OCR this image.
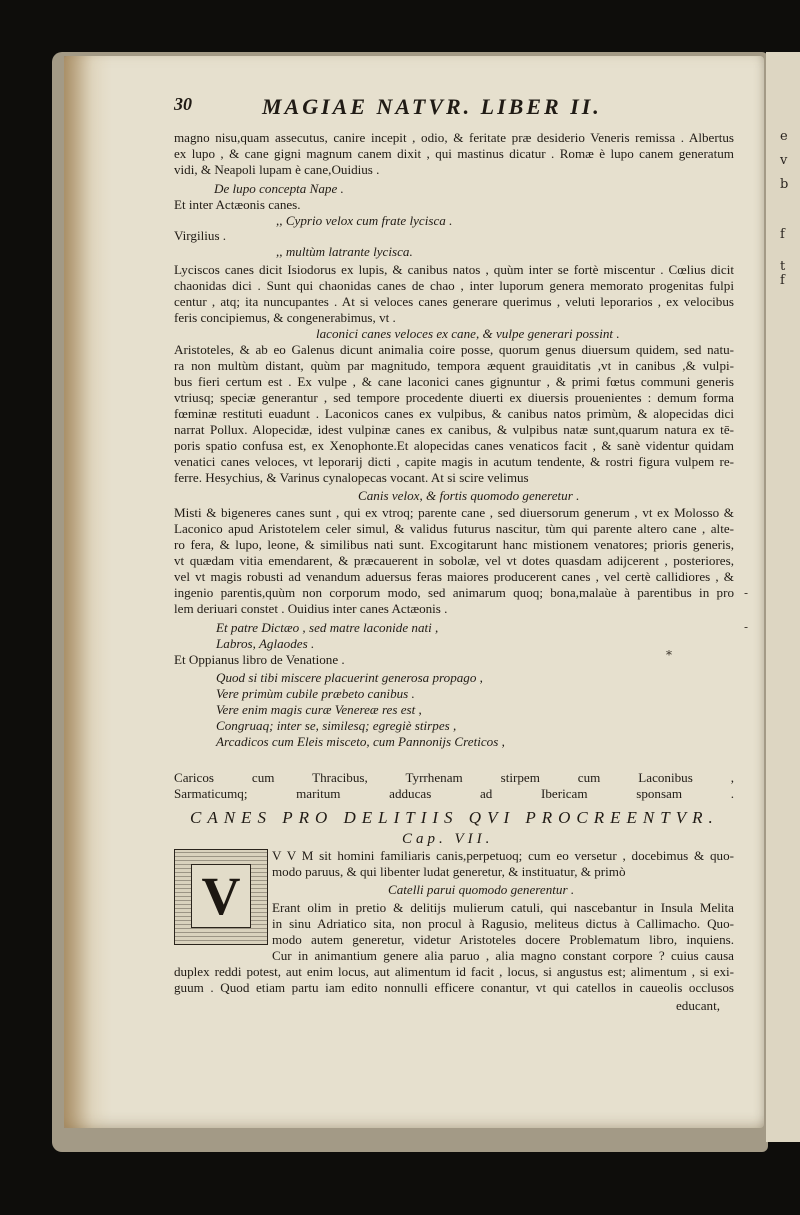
e
v
b
f
t
f
30	MAGIAE NATVR. LIBER II.
magno nisu,quam assecutus, canire incepit , odio, & feritate præ desiderio Veneris remissa . Albertus
ex lupo , & cane gigni magnum canem dixit , qui mastinus dicatur . Romæ è lupo canem generatum
vidi, & Neapoli lupam è cane,Ouidius .
De lupo concepta Nape .
Et inter Actæonis canes.
,, Cyprio velox cum frate lycisca .
Virgilius .
,, multùm latrante lycisca.
Lyciscos canes dicit Isiodorus ex lupis, & canibus natos , quùm inter se fortè miscentur . Cœlius dicit
chaonidas dici . Sunt qui chaonidas canes de chao , inter luporum genera memorato progenitas fulpi
centur , atq; ita nuncupantes . At si veloces canes generare querimus , veluti leporarios , ex velocibus
feris concipiemus, & congenerabimus, vt .
laconici canes veloces ex cane, & vulpe generari possint .
Aristoteles, & ab eo Galenus dicunt animalia coire posse, quorum genus diuersum quidem, sed natu-
ra non multùm distant, quùm par magnitudo, tempora æquent grauiditatis ,vt in canibus ,& vulpi-
bus fieri certum est . Ex vulpe , & cane laconici canes gignuntur , & primi fœtus communi generis
vtriusq; speciæ generantur , sed tempore procedente diuerti ex diuersis prouenientes : demum forma
fœminæ restituti euadunt . Laconicos canes ex vulpibus, & canibus natos primùm, & alopecidas dici
narrat Pollux. Alopecidæ, idest vulpinæ canes ex canibus, & vulpibus natæ sunt,quarum natura ex tē-
poris spatio confusa est, ex Xenophonte.Et alopecidas canes venaticos facit , & sanè videntur quidam
venatici canes veloces, vt leporarij dicti , capite magis in acutum tendente, & rostri figura vulpem re-
ferre. Hesychius, & Varinus cynalopecas vocant. At si scire velimus
Canis velox, & fortis quomodo generetur .
Misti & bigeneres canes sunt , qui ex vtroq; parente cane , sed diuersorum generum , vt ex Molosso &
Laconico apud Aristotelem celer simul, & validus futurus nascitur, tùm qui parente altero cane , alte-
ro fera, & lupo, leone, & similibus nati sunt. Excogitarunt hanc mistionem venatores; prioris generis,
vt quædam vitia emendarent, & præcauerent in sobolæ, vel vt dotes quasdam adijcerent , posteriores,
vel vt magis robusti ad venandum aduersus feras maiores producerent canes , vel certè callidiores , &
ingenio parentis,quùm non corporum modo, sed animarum quoq; bona,malaùe à parentibus in pro
lem deriuari constet . Ouidius inter canes Actæonis .
Et patre Dictæo , sed matre laconide nati ,
Labros, Aglaodes .
Et Oppianus libro de Venatione .
Quod si tibi miscere placuerint generosa propago ,
Vere primùm cubile præbeto canibus .
Vere enim magis curæ Venereæ res est ,
Congruaq; inter se, similesq; egregiè stirpes ,
Arcadicos cum Eleis misceto, cum Pannonijs Creticos ,
Caricos cum Thracibus, Tyrrhenam stirpem cum Laconibus ,
Sarmaticumq; maritum adducas ad Ibericam sponsam .
CANES PRO DELITIIS QVI PROCREENTVR.
Cap. VII.
V
V V M sit homini familiaris canis,perpetuoq; cum eo versetur , docebimus & quo-
modo paruus, & qui libenter ludat generetur, & instituatur, & primò
Catelli parui quomodo generentur .
Erant olim in pretio & delitijs mulierum catuli, qui nascebantur in Insula Melita
in sinu Adriatico sita, non procul à Ragusio, meliteus dictus à Callimacho. Quo-
modo autem generetur, videtur Aristoteles docere Problematum libro, inquiens.
Cur in animantium genere alia paruo , alia magno constant corpore ? cuius causa
duplex reddi potest, aut enim locus, aut alimentum id facit , locus, si angustus est; alimentum , si exi-
guum . Quod etiam partu iam edito nonnulli efficere conantur, vt qui catellos in caueolis occlusos
educant,
*
-
-
